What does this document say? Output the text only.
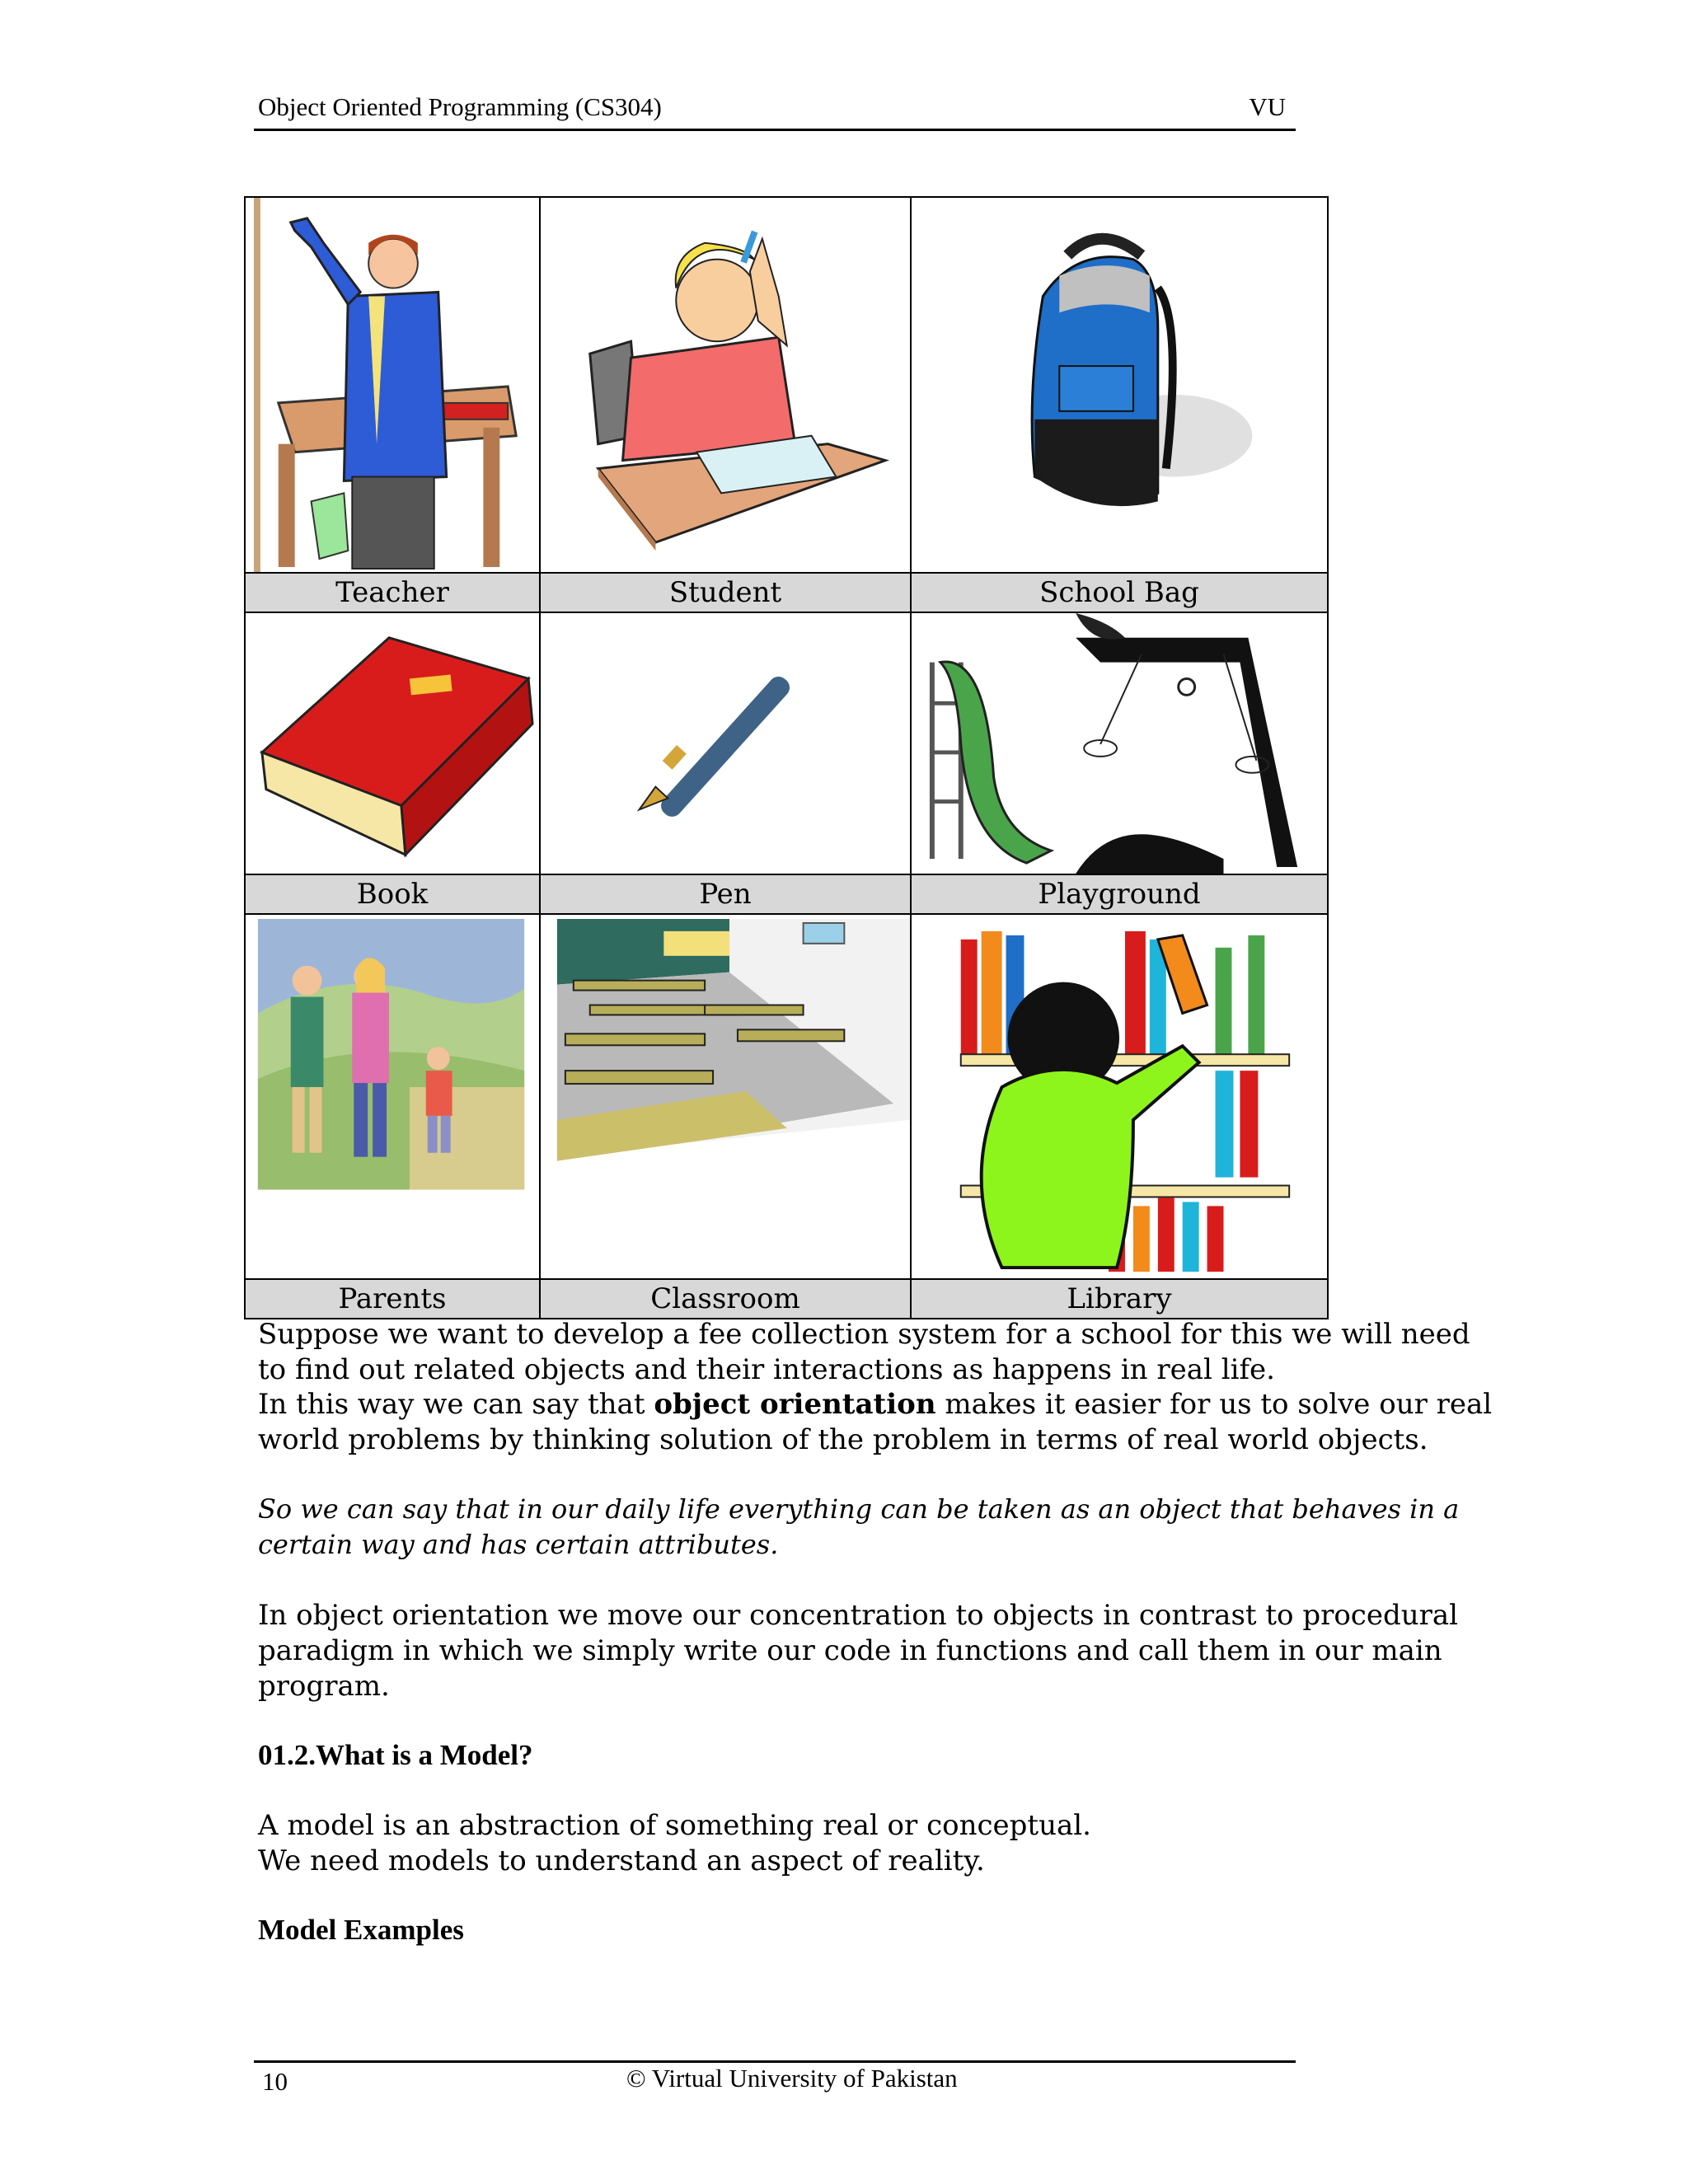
Object Oriented Programming (CS304)	VU

Teacher	Student	School Bag

Book	Pen	Playground

Parents	Classroom	Library
Suppose we want to develop a fee collection system for a school for this we will need
to find out related objects and their interactions as happens in real life.
In this way we can say that object orientation makes it easier for us to solve our real
world problems by thinking solution of the problem in terms of real world objects.
So we can say that in our daily life everything can be taken as an object that behaves in a
certain way and has certain attributes.
In object orientation we move our concentration to objects in contrast to procedural
paradigm in which we simply write our code in functions and call them in our main
program.
01.2.What is a Model?
A model is an abstraction of something real or conceptual.
We need models to understand an aspect of reality.
Model Examples
10	© Virtual University of Pakistan
